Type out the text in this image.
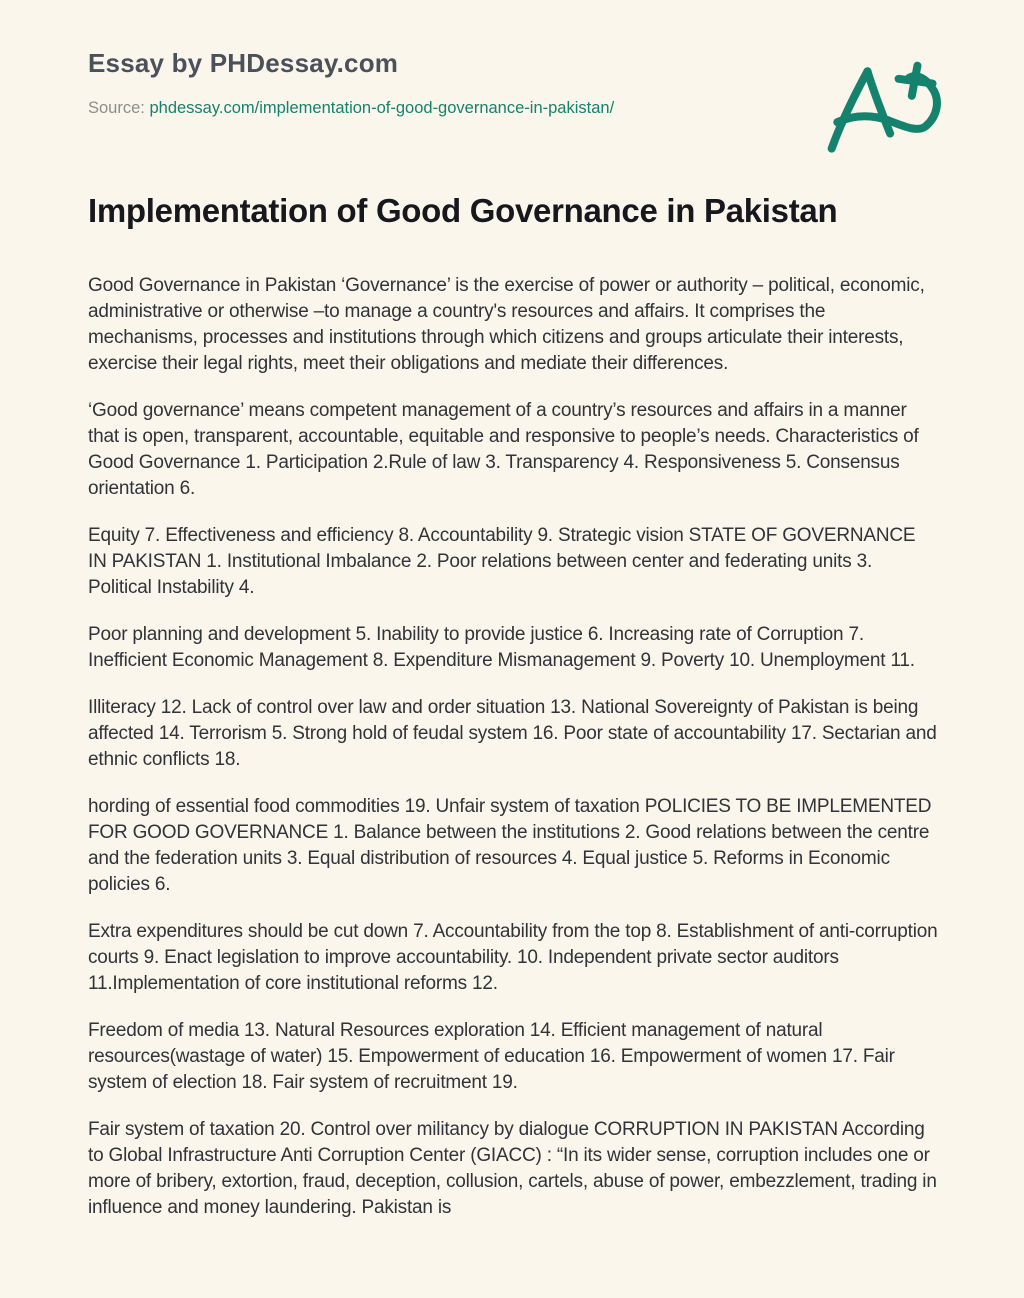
Essay by PHDessay.com
Source: phdessay.com/implementation-of-good-governance-in-pakistan/
Implementation of Good Governance in Pakistan

Good Governance in Pakistan ‘Governance’ is the exercise of power or authority – political, economic, administrative or otherwise –to manage a country's resources and affairs. It comprises the mechanisms, processes and institutions through which citizens and groups articulate their interests, exercise their legal rights, meet their obligations and mediate their differences.

‘Good governance’ means competent management of a country’s resources and affairs in a manner that is open, transparent, accountable, equitable and responsive to people’s needs. Characteristics of Good Governance 1. Participation 2.Rule of law 3. Transparency 4. Responsiveness 5. Consensus orientation 6.

Equity 7. Effectiveness and efficiency 8. Accountability 9. Strategic vision STATE OF GOVERNANCE IN PAKISTAN 1. Institutional Imbalance 2. Poor relations between center and federating units 3. Political Instability 4.

Poor planning and development 5. Inability to provide justice 6. Increasing rate of Corruption 7. Inefficient Economic Management 8. Expenditure Mismanagement 9. Poverty 10. Unemployment 11.

Illiteracy 12. Lack of control over law and order situation 13. National Sovereignty of Pakistan is being affected 14. Terrorism 5. Strong hold of feudal system 16. Poor state of accountability 17. Sectarian and ethnic conflicts 18.

hording of essential food commodities 19. Unfair system of taxation POLICIES TO BE IMPLEMENTED FOR GOOD GOVERNANCE 1. Balance between the institutions 2. Good relations between the centre and the federation units 3. Equal distribution of resources 4. Equal justice 5. Reforms in Economic policies 6.

Extra expenditures should be cut down 7. Accountability from the top 8. Establishment of anti-corruption courts 9. Enact legislation to improve accountability. 10. Independent private sector auditors 11.Implementation of core institutional reforms 12.

Freedom of media 13. Natural Resources exploration 14. Efficient management of natural resources(wastage of water) 15. Empowerment of education 16. Empowerment of women 17. Fair system of election 18. Fair system of recruitment 19.

Fair system of taxation 20. Control over militancy by dialogue CORRUPTION IN PAKISTAN According to Global Infrastructure Anti Corruption Center (GIACC) : “In its wider sense, corruption includes one or more of bribery, extortion, fraud, deception, collusion, cartels, abuse of power, embezzlement, trading in influence and money laundering. Pakistan is
